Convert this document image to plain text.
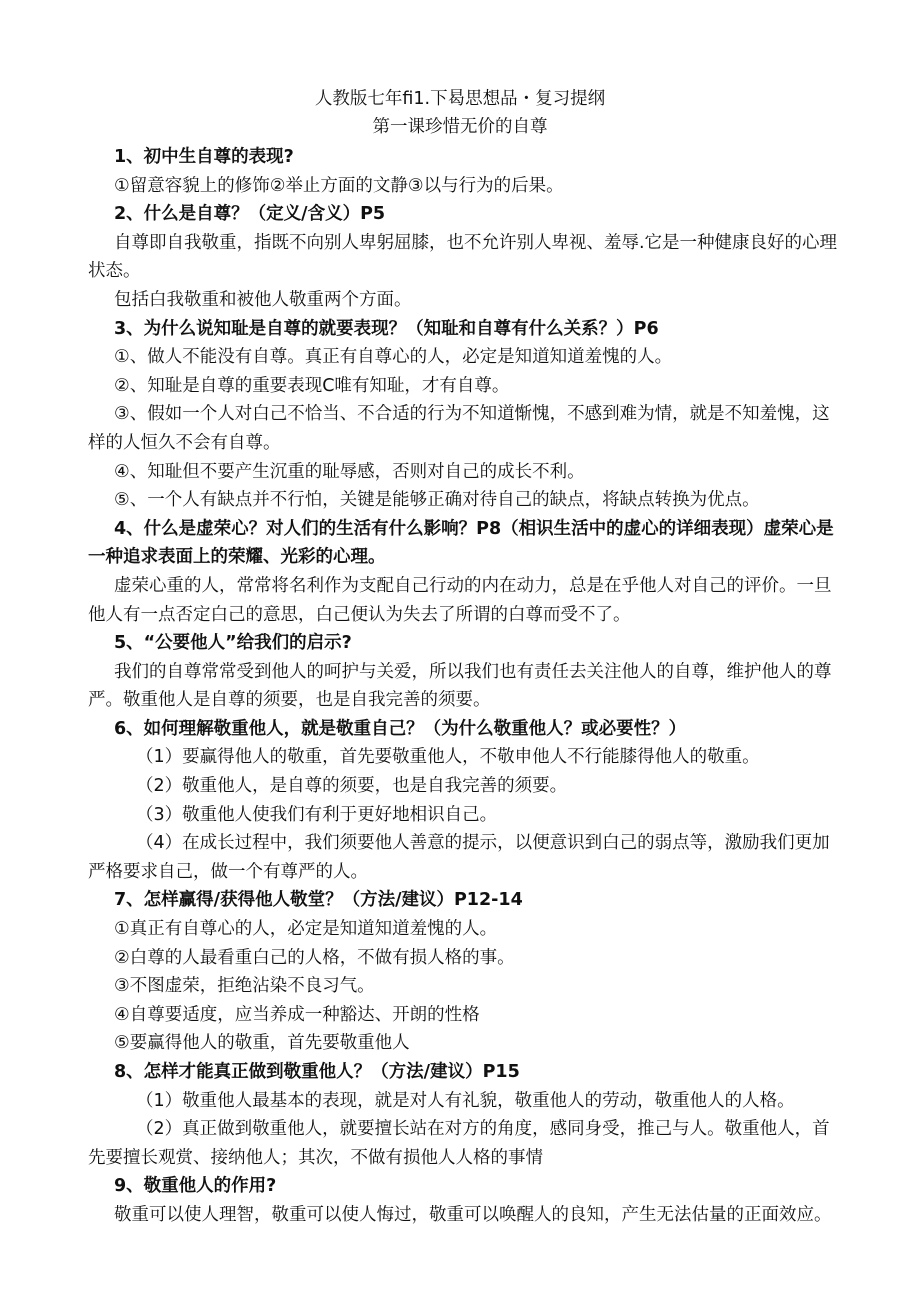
人教版七年fi1.下曷思想品・复习提纲
第一课珍惜无价的自尊

1、初中生自尊的表现?

①留意容貌上的修饰②举止方面的文静③以与行为的后果。

2、什么是自尊？（定义/含义）P5

自尊即自我敬重，指既不向别人卑躬屈膝，也不允许别人卑视、羞辱.它是一种健康良好的心理状态。

包括白我敬重和被他人敬重两个方面。

3、为什么说知耻是自尊的就要表现？（知耻和自尊有什么关系？）P6

①、做人不能没有自尊。真正有自尊心的人，必定是知道知道羞愧的人。

②、知耻是自尊的重要表现C唯有知耻，才有自尊。

③、假如一个人对白己不恰当、不合适的行为不知道惭愧，不感到难为情，就是不知羞愧，这样的人恒久不会有自尊。

④、知耻但不要产生沉重的耻辱感，否则对自己的成长不利。

⑤、一个人有缺点并不行怕，关键是能够正确对待自己的缺点，将缺点转换为优点。

4、什么是虚荣心？对人们的生活有什么影响？P8（相识生活中的虚心的详细表现）虚荣心是一种追求表面上的荣耀、光彩的心理。

虚荣心重的人，常常将名利作为支配自己行动的内在动力，总是在乎他人对自己的评价。一旦他人有一点否定白己的意思，白己便认为失去了所谓的白尊而受不了。

5、“公要他人”给我们的启示?

我们的自尊常常受到他人的呵护与关爱，所以我们也有责任去关注他人的自尊，维护他人的尊严。敬重他人是自尊的须要，也是自我完善的须要。

6、如何理解敬重他人，就是敬重自己？（为什么敬重他人？或必要性？）

（1）要赢得他人的敬重，首先要敬重他人，不敬申他人不行能膝得他人的敬重。

（2）敬重他人，是自尊的须要，也是自我完善的须要。

（3）敬重他人使我们有利于更好地相识自己。

（4）在成长过程中，我们须要他人善意的提示，以便意识到白己的弱点等，激励我们更加严格要求自己，做一个有尊严的人。

7、怎样赢得/获得他人敬堂？（方法/建议）P12-14

①真正有自尊心的人，必定是知道知道羞愧的人。

②白尊的人最看重白己的人格，不做有损人格的事。

③不图虚荣，拒绝沾染不良习气。

④自尊要适度，应当养成一种豁达、开朗的性格

⑤要赢得他人的敬重，首先要敬重他人

8、怎样才能真正做到敬重他人？（方法/建议）P15

（1）敬重他人最基本的表现，就是对人有礼貌，敬重他人的劳动，敬重他人的人格。

（2）真正做到敬重他人，就要擅长站在对方的角度，感同身受，推己与人。敬重他人，首先要擅长观赏、接纳他人；其次，不做有损他人人格的事情

9、敬重他人的作用?

敬重可以使人理智，敬重可以使人悔过，敬重可以唤醒人的良知，产生无法估量的正面效应。
